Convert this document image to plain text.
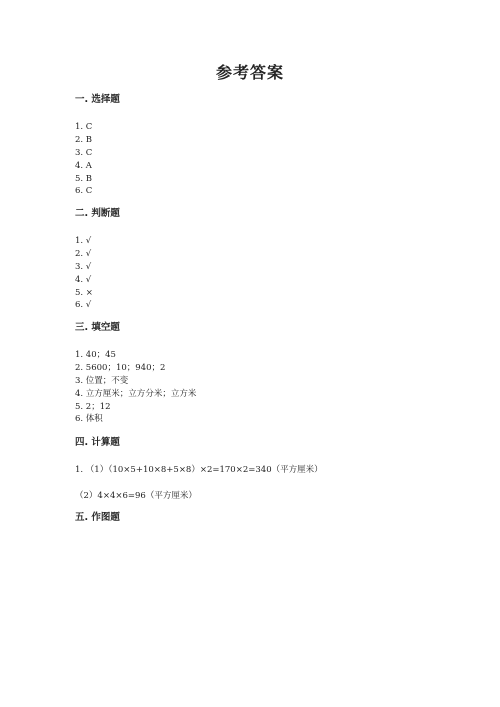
参考答案
一. 选择题
1. C
2. B
3. C
4. A
5. B
6. C
二. 判断题
1. √
2. √
3. √
4. √
5. ×
6. √
三. 填空题
1. 40；45
2. 5600；10；940；2
3. 位置；不变
4. 立方厘米；立方分米；立方米
5. 2；12
6. 体积
四. 计算题
1. （1）（10×5+10×8+5×8）×2=170×2=340（平方厘米）
（2）4×4×6=96（平方厘米）
五. 作图题
